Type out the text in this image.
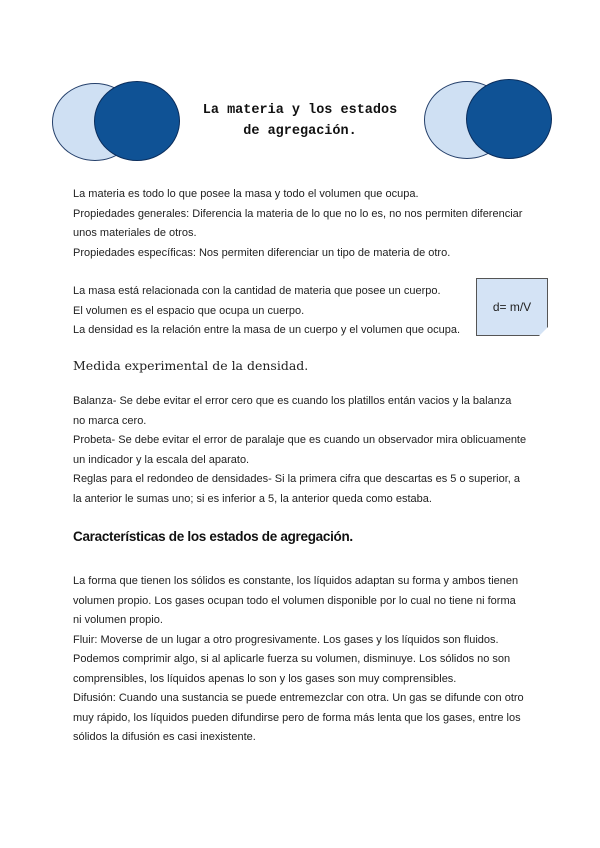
La materia y los estados
de agregación.
La materia es todo lo que posee la masa y todo el volumen que ocupa.
Propiedades generales: Diferencia la materia de lo que no lo es, no nos permiten diferenciar
unos materiales de otros.
Propiedades específicas: Nos permiten diferenciar un tipo de materia de otro.
La masa está relacionada con la cantidad de materia que posee un cuerpo.
El volumen es el espacio que ocupa un cuerpo.
La densidad es la relación entre la masa de un cuerpo y el volumen que ocupa.
d= m/V
Medida experimental de la densidad.
Balanza- Se debe evitar el error cero que es cuando los platillos entán vacios y la balanza
no marca cero.
Probeta- Se debe evitar el error de paralaje que es cuando un observador mira oblicuamente
un indicador y la escala del aparato.
Reglas para el redondeo de densidades- Si la primera cifra que descartas es 5 o superior, a
la anterior le sumas uno; si es inferior a 5, la anterior queda como estaba.
Características de los estados de agregación.
La forma que tienen los sólidos es constante, los líquidos adaptan su forma y ambos tienen
volumen propio. Los gases ocupan todo el volumen disponible por lo cual no tiene ni forma
ni volumen propio.
Fluir: Moverse de un lugar a otro progresivamente. Los gases y los líquidos son fluidos.
Podemos comprimir algo, si al aplicarle fuerza su volumen, disminuye. Los sólidos no son
comprensibles, los líquidos apenas lo son y los gases son muy comprensibles.
Difusión: Cuando una sustancia se puede entremezclar con otra. Un gas se difunde con otro
muy rápido, los líquidos pueden difundirse pero de forma más lenta que los gases, entre los
sólidos la difusión es casi inexistente.
